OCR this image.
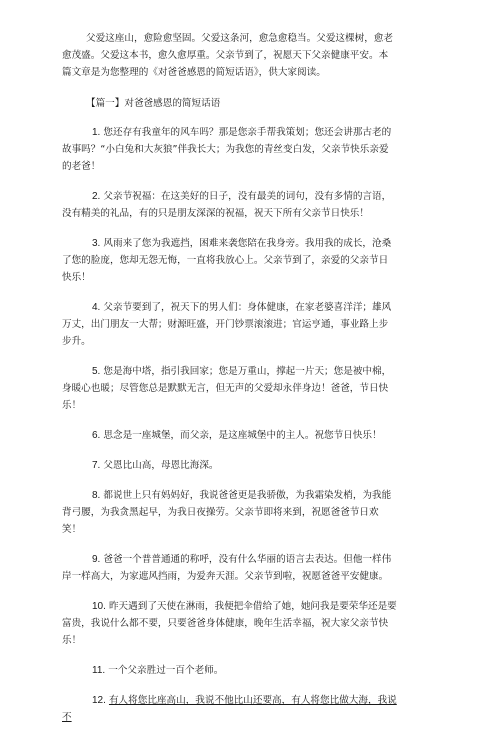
父爱这座山，愈险愈坚固。父爱这条河，愈急愈稳当。父爱这棵树，愈老愈茂盛。父爱这本书，愈久愈厚重。父亲节到了，祝愿天下父亲健康平安。本篇文章是为您整理的《对爸爸感恩的简短话语》，供大家阅读。

【篇一】对爸爸感恩的简短话语

1. 您还存有我童年的风车吗？那是您亲手帮我策划；您还会讲那古老的故事吗？“小白兔和大灰狼”伴我长大；为我您的青丝变白发，父亲节快乐亲爱的老爸！

2. 父亲节祝福：在这美好的日子，没有最美的词句，没有多情的言语，没有精美的礼品，有的只是朋友深深的祝福，祝天下所有父亲节日快乐！

3. 风雨来了您为我遮挡，困难来袭您陪在我身旁。我用我的成长，沧桑了您的脸庞，您却无怨无悔，一直将我放心上。父亲节到了，亲爱的父亲节日快乐！

4. 父亲节要到了，祝天下的男人们：身体健康，在家老婆喜洋洋；雄风万丈，出门朋友一大帮；财源旺盛，开门钞票滚滚进；官运亨通，事业路上步步升。

5. 您是海中塔，指引我回家；您是万重山，撑起一片天；您是被中棉，身暖心也暖；尽管您总是默默无言，但无声的父爱却永伴身边！爸爸，节日快乐！

6. 思念是一座城堡，而父亲，是这座城堡中的主人。祝您节日快乐！

7. 父恩比山高，母恩比海深。

8. 都说世上只有妈妈好，我说爸爸更是我骄傲，为我霜染发梢，为我能背弓腰，为我贪黑起早，为我日夜操劳。父亲节即将来到，祝愿爸爸节日欢笑！

9. 爸爸一个普普通通的称呼，没有什么华丽的语言去表达。但他一样伟岸一样高大，为家遮风挡雨，为爱奔天涯。父亲节到啦，祝愿爸爸平安健康。

10. 昨天遇到了天使在淋雨，我便把伞借给了她，她问我是要荣华还是要富贵，我说什么都不要，只要爸爸身体健康，晚年生活幸福，祝大家父亲节快乐！

11. 一个父亲胜过一百个老师。

12. 有人将您比座高山，我说不他比山还要高，有人将您比做大海，我说不
